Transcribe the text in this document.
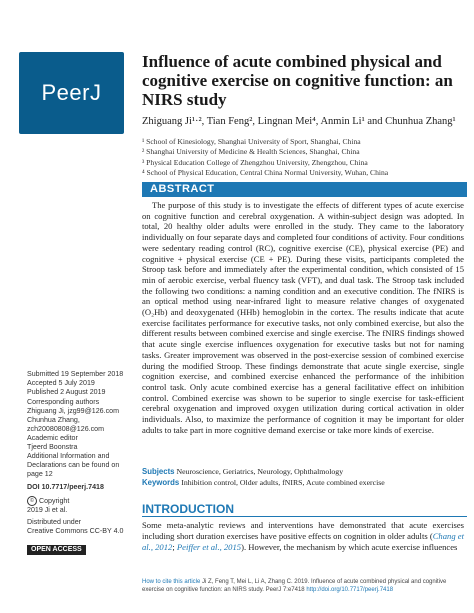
PeerJ
Influence of acute combined physical and cognitive exercise on cognitive function: an NIRS study
Zhiguang Ji¹·², Tian Feng², Lingnan Mei⁴, Anmin Li¹ and Chunhua Zhang¹
¹ School of Kinesiology, Shanghai University of Sport, Shanghai, China
² Shanghai University of Medicine & Health Sciences, Shanghai, China
³ Physical Education College of Zhengzhou University, Zhengzhou, China
⁴ School of Physical Education, Central China Normal University, Wuhan, China
ABSTRACT

The purpose of this study is to investigate the effects of different types of acute exercise on cognitive function and cerebral oxygenation. A within-subject design was adopted. In total, 20 healthy older adults were enrolled in the study. They came to the laboratory individually on four separate days and completed four conditions of activity. Four conditions were sedentary reading control (RC), cognitive exercise (CE), physical exercise (PE) and cognitive + physical exercise (CE + PE). During these visits, participants completed the Stroop task before and immediately after the experimental condition, which consisted of 15 min of aerobic exercise, verbal fluency task (VFT), and dual task. The Stroop task included the following two conditions: a naming condition and an executive condition. The fNIRS is an optical method using near-infrared light to measure relative changes of oxygenated (O₂Hb) and deoxygenated (HHb) hemoglobin in the cortex. The results indicate that acute exercise facilitates performance for executive tasks, not only combined exercise, but also the different results between combined exercise and single exercise. The fNIRS findings showed that acute single exercise influences oxygenation for executive tasks but not for naming tasks. Greater improvement was observed in the post-exercise session of combined exercise during the modified Stroop. These findings demonstrate that acute single exercise, single cognition exercise, and combined exercise enhanced the performance of the inhibition control task. Only acute combined exercise has a general facilitative effect on inhibition control. Combined exercise was shown to be superior to single exercise for task-efficient cerebral oxygenation and improved oxygen utilization during cortical activation in older individuals. Also, to maximize the performance of cognition it may be important for older adults to take part in more cognitive demand exercise or take more kinds of exercise.

Subjects Neuroscience, Geriatrics, Neurology, Ophthalmology
Keywords Inhibition control, Older adults, fNIRS, Acute combined exercise
INTRODUCTION
Some meta-analytic reviews and interventions have demonstrated that acute exercises including short duration exercises have positive effects on cognition in older adults (Chang et al., 2012; Peiffer et al., 2015). However, the mechanism by which acute exercise influences
Submitted 19 September 2018
Accepted 5 July 2019
Published 2 August 2019
Corresponding authors
Zhiguang Ji, jzg99@126.com
Chunhua Zhang,
zch20080808@126.com
Academic editor
Tjeerd Boonstra
Additional Information and
Declarations can be found on
page 12
DOI 10.7717/peerj.7418
© Copyright
2019 Ji et al.
Distributed under
Creative Commons CC-BY 4.0
OPEN ACCESS
How to cite this article Ji Z, Feng T, Mei L, Li A, Zhang C. 2019. Influence of acute combined physical and cognitive exercise on cognitive function: an NIRS study. PeerJ 7:e7418 http://doi.org/10.7717/peerj.7418
